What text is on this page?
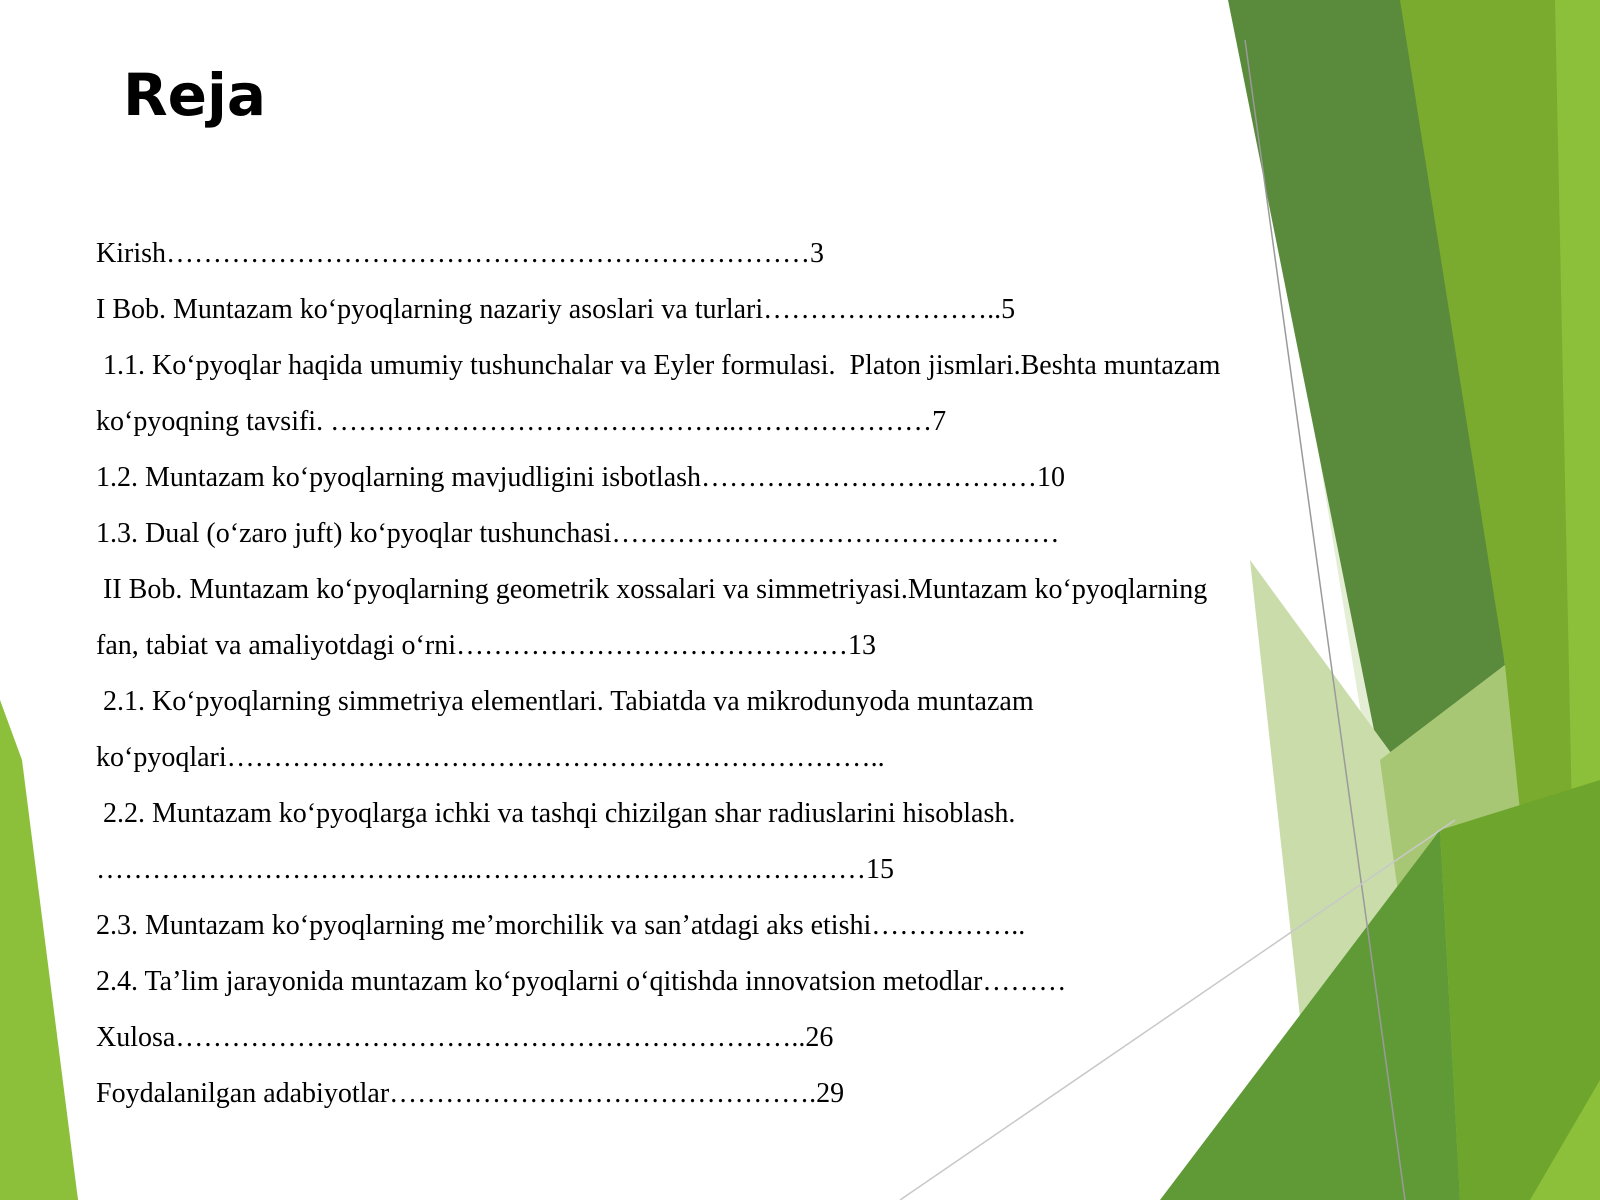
Reja
Kirish……………………………………………………………3
I Bob. Muntazam ko‘pyoqlarning nazariy asoslari va turlari……………………..5
1.1. Ko‘pyoqlar haqida umumiy tushunchalar va Eyler formulasi.  Platon jismlari.Beshta muntazam
ko‘pyoqning tavsifi. ……………………………………..…………………7
1.2. Muntazam ko‘pyoqlarning mavjudligini isbotlash………………………………10
1.3. Dual (o‘zaro juft) ko‘pyoqlar tushunchasi…………………………………………
II Bob. Muntazam ko‘pyoqlarning geometrik xossalari va simmetriyasi.Muntazam ko‘pyoqlarning
fan, tabiat va amaliyotdagi o‘rni……………………………………13
2.1. Ko‘pyoqlarning simmetriya elementlari. Tabiatda va mikrodunyoda muntazam
ko‘pyoqlari……………………………………………………………..
2.2. Muntazam ko‘pyoqlarga ichki va tashqi chizilgan shar radiuslarini hisoblash.
…………………………………..……………………………………15
2.3. Muntazam ko‘pyoqlarning me’morchilik va san’atdagi aks etishi……………..
2.4. Ta’lim jarayonida muntazam ko‘pyoqlarni o‘qitishda innovatsion metodlar………
Xulosa…………………………………………………………..26
Foydalanilgan adabiyotlar……………………………………….29
